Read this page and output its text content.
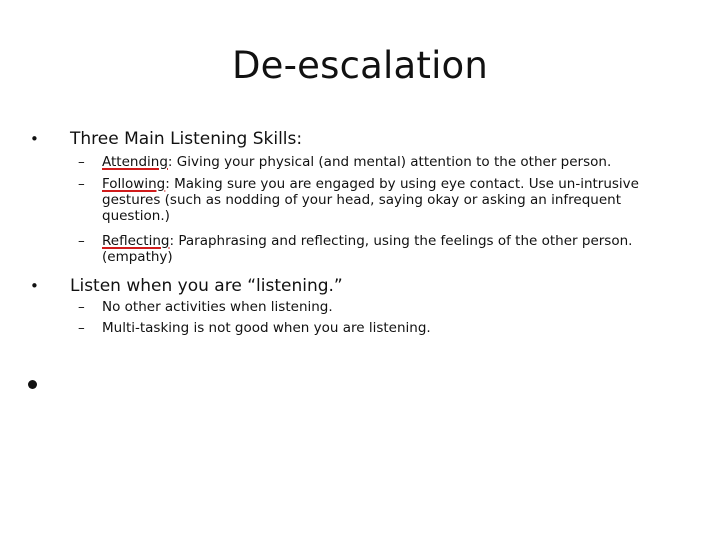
De-escalation
• Three Main Listening Skills:
– Attending: Giving your physical (and mental) attention to the other person.
– Following: Making sure you are engaged by using eye contact. Use un-intrusive gestures (such as nodding of your head, saying okay or asking an infrequent question.)
– Reflecting: Paraphrasing and reflecting, using the feelings of the other person. (empathy)
• Listen when you are “listening.”
– No other activities when listening.
– Multi-tasking is not good when you are listening.
